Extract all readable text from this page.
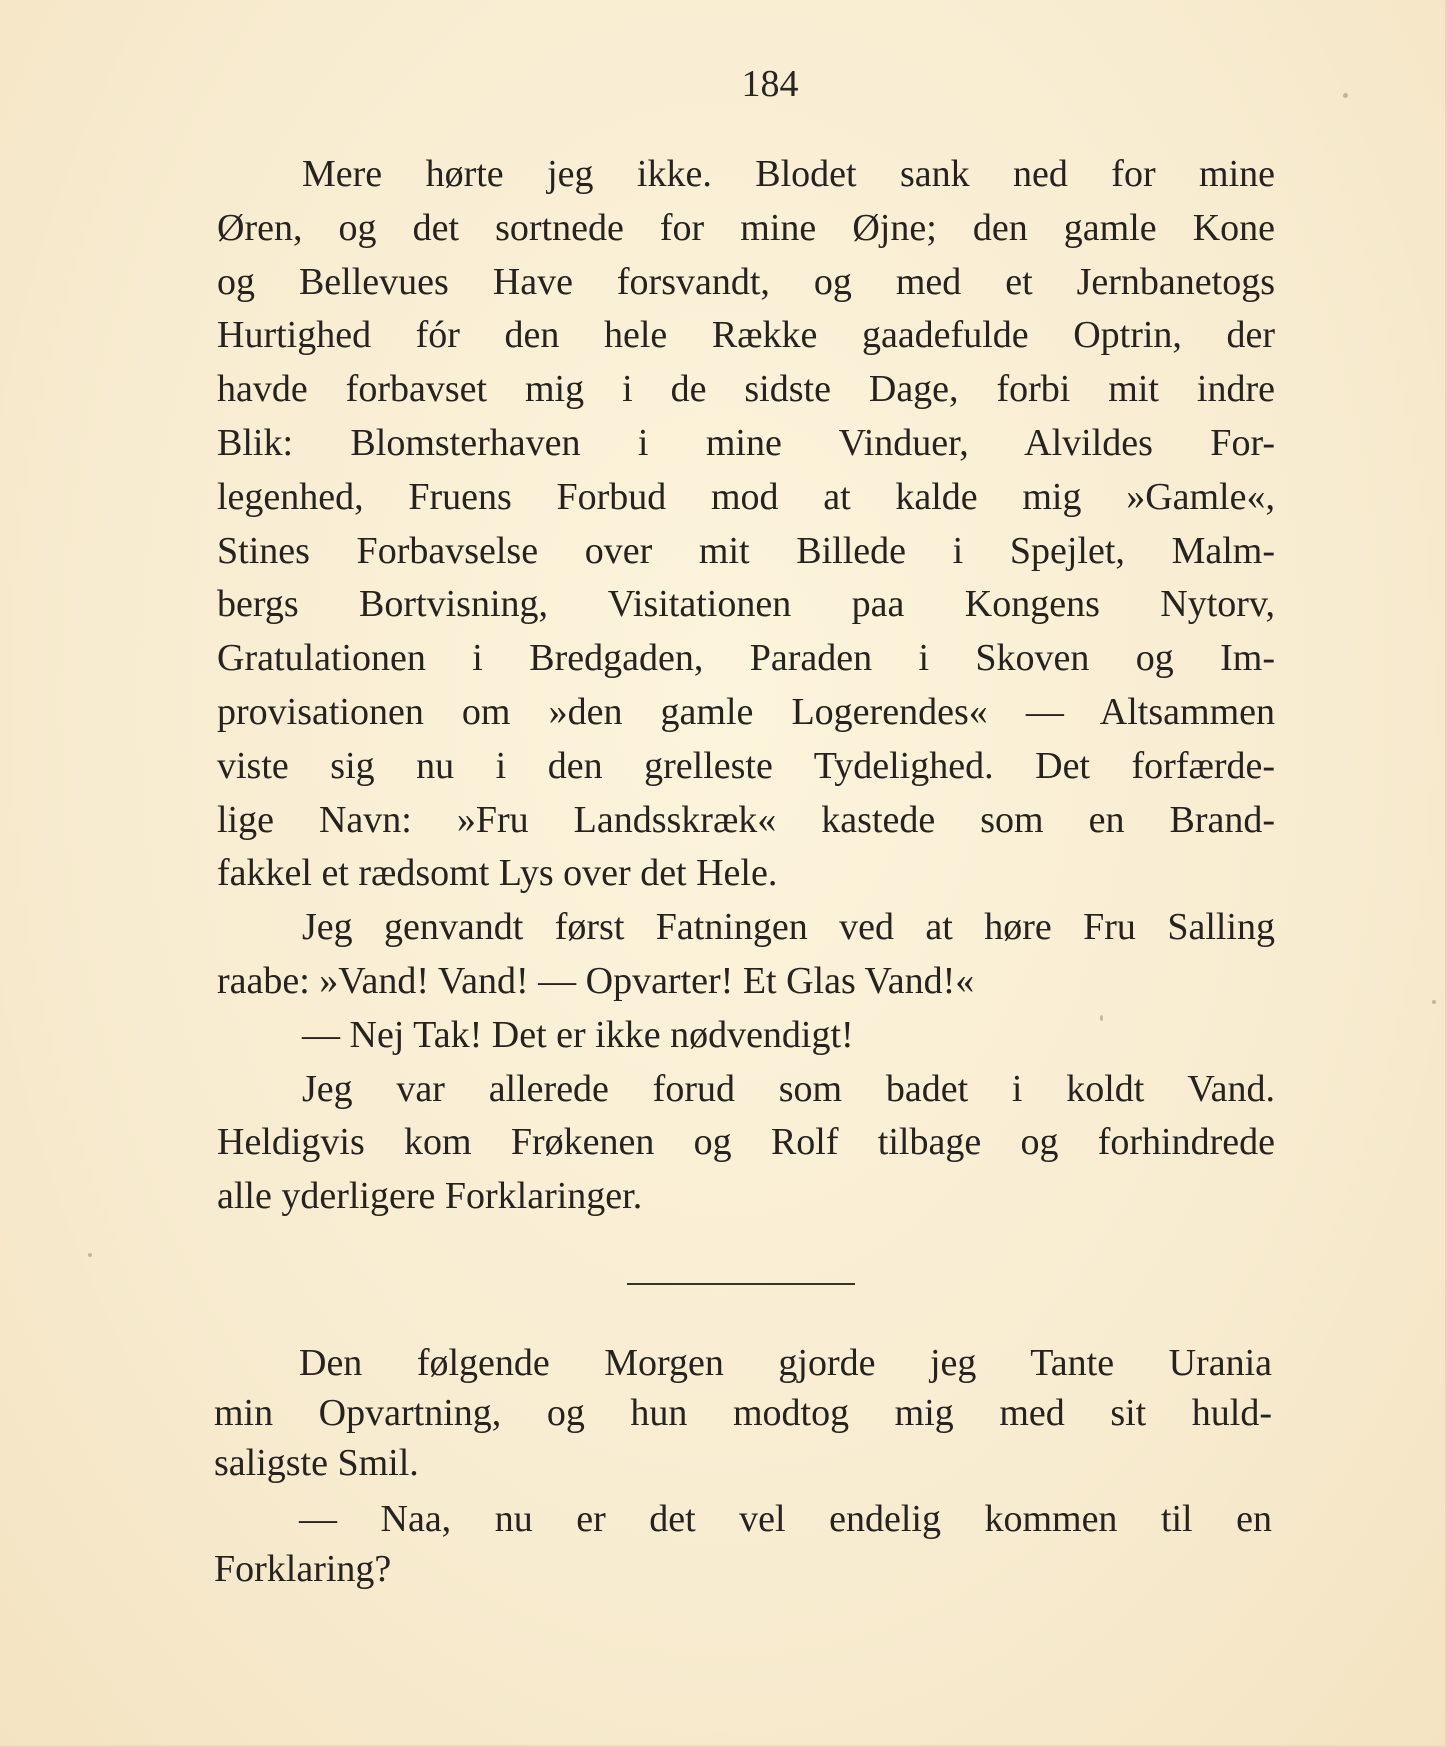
184
Mere hørte jeg ikke. Blodet sank ned for mine
Øren, og det sortnede for mine Øjne; den gamle Kone
og Bellevues Have forsvandt, og med et Jernbanetogs
Hurtighed fór den hele Række gaadefulde Optrin, der
havde forbavset mig i de sidste Dage, forbi mit indre
Blik: Blomsterhaven i mine Vinduer, Alvildes For-
legenhed, Fruens Forbud mod at kalde mig »Gamle«,
Stines Forbavselse over mit Billede i Spejlet, Malm-
bergs Bortvisning, Visitationen paa Kongens Nytorv,
Gratulationen i Bredgaden, Paraden i Skoven og Im-
provisationen om »den gamle Logerendes« — Altsammen
viste sig nu i den grelleste Tydelighed. Det forfærde-
lige Navn: »Fru Landsskræk« kastede som en Brand-
fakkel et rædsomt Lys over det Hele.
Jeg genvandt først Fatningen ved at høre Fru Salling
raabe: »Vand! Vand! — Opvarter! Et Glas Vand!«
— Nej Tak! Det er ikke nødvendigt!
Jeg var allerede forud som badet i koldt Vand.
Heldigvis kom Frøkenen og Rolf tilbage og forhindrede
alle yderligere Forklaringer.
Den følgende Morgen gjorde jeg Tante Urania
min Opvartning, og hun modtog mig med sit huld-
saligste Smil.
— Naa, nu er det vel endelig kommen til en
Forklaring?
